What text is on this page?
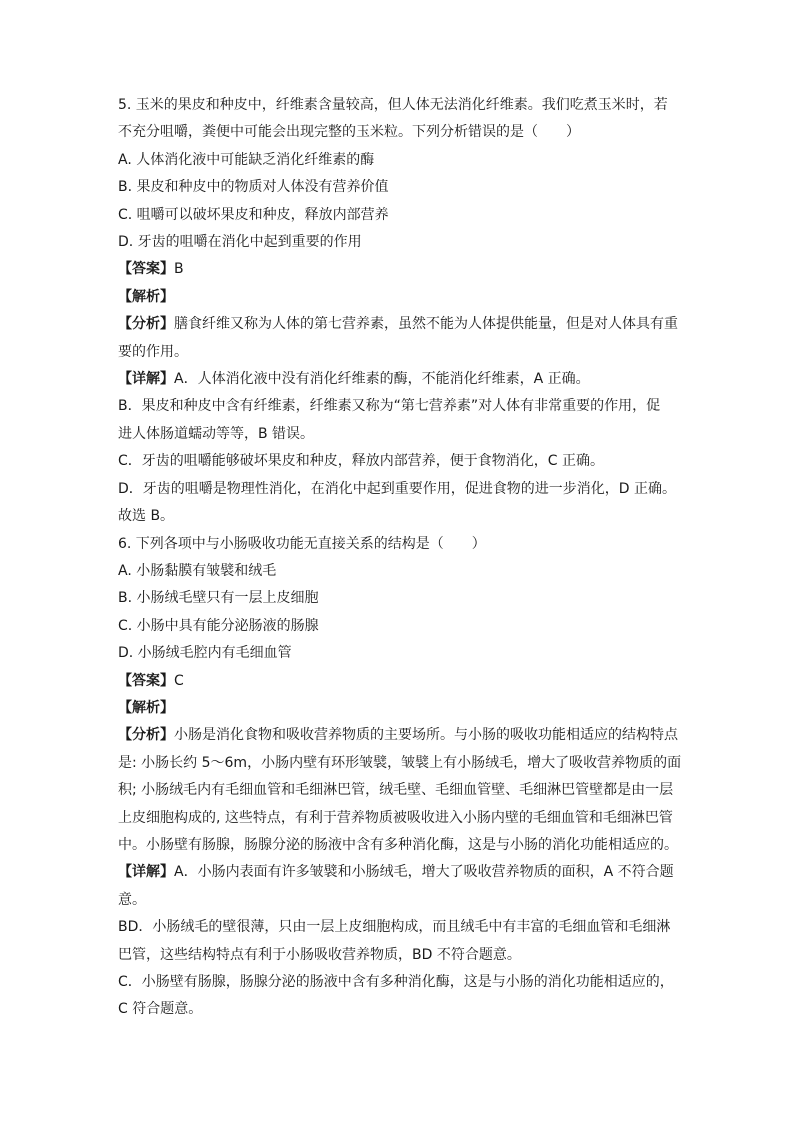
5. 玉米的果皮和种皮中，纤维素含量较高，但人体无法消化纤维素。我们吃煮玉米时，若

不充分咀嚼，粪便中可能会出现完整的玉米粒。下列分析错误的是（　　）

A. 人体消化液中可能缺乏消化纤维素的酶

B. 果皮和种皮中的物质对人体没有营养价值

C. 咀嚼可以破坏果皮和种皮，释放内部营养

D. 牙齿的咀嚼在消化中起到重要的作用

【答案】B

【解析】

【分析】膳食纤维又称为人体的第七营养素，虽然不能为人体提供能量，但是对人体具有重

要的作用。

【详解】A．人体消化液中没有消化纤维素的酶，不能消化纤维素，A 正确。

B．果皮和种皮中含有纤维素，纤维素又称为“第七营养素”对人体有非常重要的作用，促

进人体肠道蠕动等等，B 错误。

C．牙齿的咀嚼能够破坏果皮和种皮，释放内部营养，便于食物消化，C 正确。

D．牙齿的咀嚼是物理性消化，在消化中起到重要作用，促进食物的进一步消化，D 正确。

故选 B。

6. 下列各项中与小肠吸收功能无直接关系的结构是（　　）

A. 小肠黏膜有皱襞和绒毛

B. 小肠绒毛壁只有一层上皮细胞

C. 小肠中具有能分泌肠液的肠腺

D. 小肠绒毛腔内有毛细血管

【答案】C

【解析】

【分析】小肠是消化食物和吸收营养物质的主要场所。与小肠的吸收功能相适应的结构特点

是: 小肠长约 5～6m，小肠内壁有环形皱襞，皱襞上有小肠绒毛，增大了吸收营养物质的面

积; 小肠绒毛内有毛细血管和毛细淋巴管，绒毛壁、毛细血管壁、毛细淋巴管壁都是由一层

上皮细胞构成的, 这些特点，有利于营养物质被吸收进入小肠内壁的毛细血管和毛细淋巴管

中。小肠壁有肠腺，肠腺分泌的肠液中含有多种消化酶，这是与小肠的消化功能相适应的。

【详解】A．小肠内表面有许多皱襞和小肠绒毛，增大了吸收营养物质的面积，A 不符合题

意。

BD．小肠绒毛的壁很薄，只由一层上皮细胞构成，而且绒毛中有丰富的毛细血管和毛细淋

巴管，这些结构特点有利于小肠吸收营养物质，BD 不符合题意。

C．小肠壁有肠腺，肠腺分泌的肠液中含有多种消化酶，这是与小肠的消化功能相适应的，

C 符合题意。
